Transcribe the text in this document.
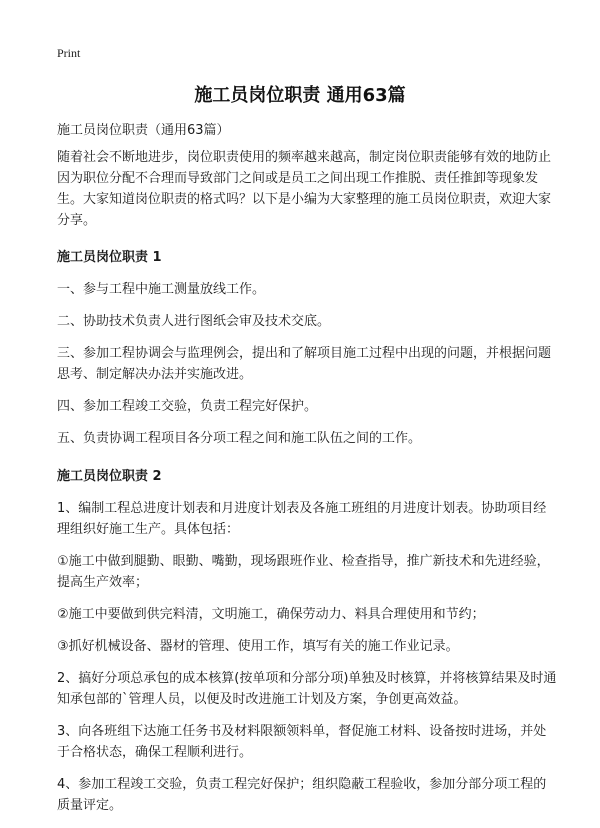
Print
施工员岗位职责 通用63篇

施工员岗位职责（通用63篇）

随着社会不断地进步，岗位职责使用的频率越来越高，制定岗位职责能够有效的地防止因为职位分配不合理而导致部门之间或是员工之间出现工作推脱、责任推卸等现象发生。大家知道岗位职责的格式吗？以下是小编为大家整理的施工员岗位职责，欢迎大家分享。

施工员岗位职责 1

一、参与工程中施工测量放线工作。

二、协助技术负责人进行图纸会审及技术交底。

三、参加工程协调会与监理例会，提出和了解项目施工过程中出现的问题，并根据问题思考、制定解决办法并实施改进。

四、参加工程竣工交验，负责工程完好保护。

五、负责协调工程项目各分项工程之间和施工队伍之间的工作。

施工员岗位职责 2

1、编制工程总进度计划表和月进度计划表及各施工班组的月进度计划表。协助项目经理组织好施工生产。具体包括：

①施工中做到腿勤、眼勤、嘴勤，现场跟班作业、检查指导，推广新技术和先进经验，提高生产效率；

②施工中要做到供完料清，文明施工，确保劳动力、料具合理使用和节约；

③抓好机械设备、器材的管理、使用工作，填写有关的施工作业记录。

2、搞好分项总承包的成本核算(按单项和分部分项)单独及时核算，并将核算结果及时通知承包部的`管理人员，以便及时改进施工计划及方案，争创更高效益。

3、向各班组下达施工任务书及材料限额领料单，督促施工材料、设备按时进场，并处于合格状态，确保工程顺利进行。

4、参加工程竣工交验，负责工程完好保护；组织隐蔽工程验收，参加分部分项工程的质量评定。
